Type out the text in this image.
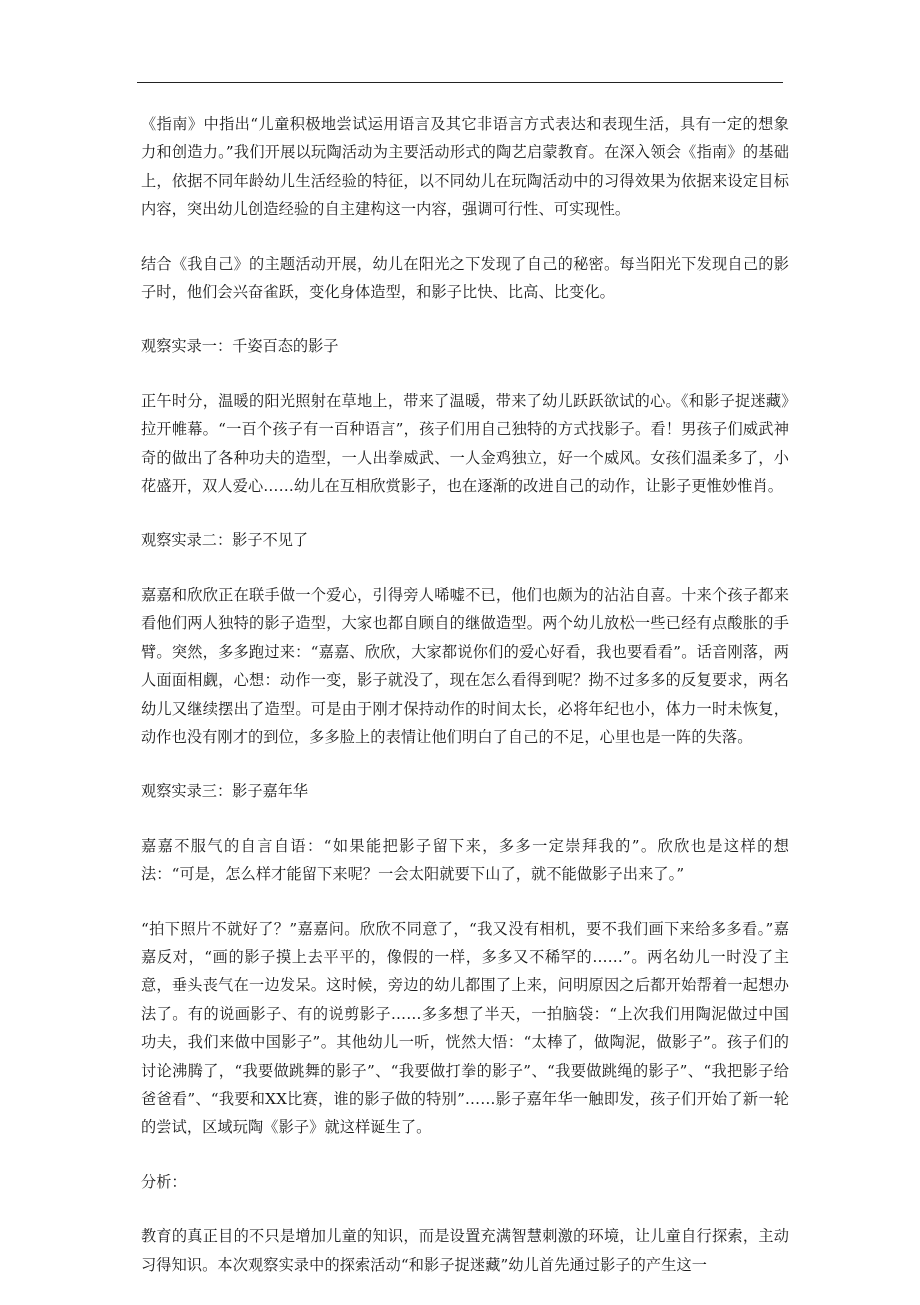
《指南》中指出“儿童积极地尝试运用语言及其它非语言方式表达和表现生活，具有一定的想象力和创造力。”我们开展以玩陶活动为主要活动形式的陶艺启蒙教育。在深入领会《指南》的基础上，依据不同年龄幼儿生活经验的特征，以不同幼儿在玩陶活动中的习得效果为依据来设定目标内容，突出幼儿创造经验的自主建构这一内容，强调可行性、可实现性。

结合《我自己》的主题活动开展，幼儿在阳光之下发现了自己的秘密。每当阳光下发现自己的影子时，他们会兴奋雀跃，变化身体造型，和影子比快、比高、比变化。

观察实录一：千姿百态的影子

正午时分，温暖的阳光照射在草地上，带来了温暖，带来了幼儿跃跃欲试的心。《和影子捉迷藏》拉开帷幕。“一百个孩子有一百种语言”，孩子们用自己独特的方式找影子。看！男孩子们威武神奇的做出了各种功夫的造型，一人出拳威武、一人金鸡独立，好一个威风。女孩们温柔多了，小花盛开，双人爱心……幼儿在互相欣赏影子，也在逐渐的改进自己的动作，让影子更惟妙惟肖。

观察实录二：影子不见了

嘉嘉和欣欣正在联手做一个爱心，引得旁人唏嘘不已，他们也颇为的沾沾自喜。十来个孩子都来看他们两人独特的影子造型，大家也都自顾自的继做造型。两个幼儿放松一些已经有点酸胀的手臂。突然，多多跑过来：“嘉嘉、欣欣，大家都说你们的爱心好看，我也要看看”。话音刚落，两人面面相觑，心想：动作一变，影子就没了，现在怎么看得到呢？拗不过多多的反复要求，两名幼儿又继续摆出了造型。可是由于刚才保持动作的时间太长，必将年纪也小，体力一时未恢复，动作也没有刚才的到位，多多脸上的表情让他们明白了自己的不足，心里也是一阵的失落。

观察实录三：影子嘉年华

嘉嘉不服气的自言自语：“如果能把影子留下来，多多一定崇拜我的”。欣欣也是这样的想法：“可是，怎么样才能留下来呢？一会太阳就要下山了，就不能做影子出来了。”

“拍下照片不就好了？”嘉嘉问。欣欣不同意了，“我又没有相机，要不我们画下来给多多看。”嘉嘉反对，“画的影子摸上去平平的，像假的一样，多多又不稀罕的……”。两名幼儿一时没了主意，垂头丧气在一边发呆。这时候，旁边的幼儿都围了上来，问明原因之后都开始帮着一起想办法了。有的说画影子、有的说剪影子……多多想了半天，一拍脑袋：“上次我们用陶泥做过中国功夫，我们来做中国影子”。其他幼儿一听，恍然大悟：“太棒了，做陶泥，做影子”。孩子们的讨论沸腾了，“我要做跳舞的影子”、“我要做打拳的影子”、“我要做跳绳的影子”、“我把影子给爸爸看”、“我要和XX比赛，谁的影子做的特别”……影子嘉年华一触即发，孩子们开始了新一轮的尝试，区域玩陶《影子》就这样诞生了。

分析：

教育的真正目的不只是增加儿童的知识，而是设置充满智慧刺激的环境，让儿童自行探索，主动习得知识。本次观察实录中的探索活动“和影子捉迷藏”幼儿首先通过影子的产生这一
